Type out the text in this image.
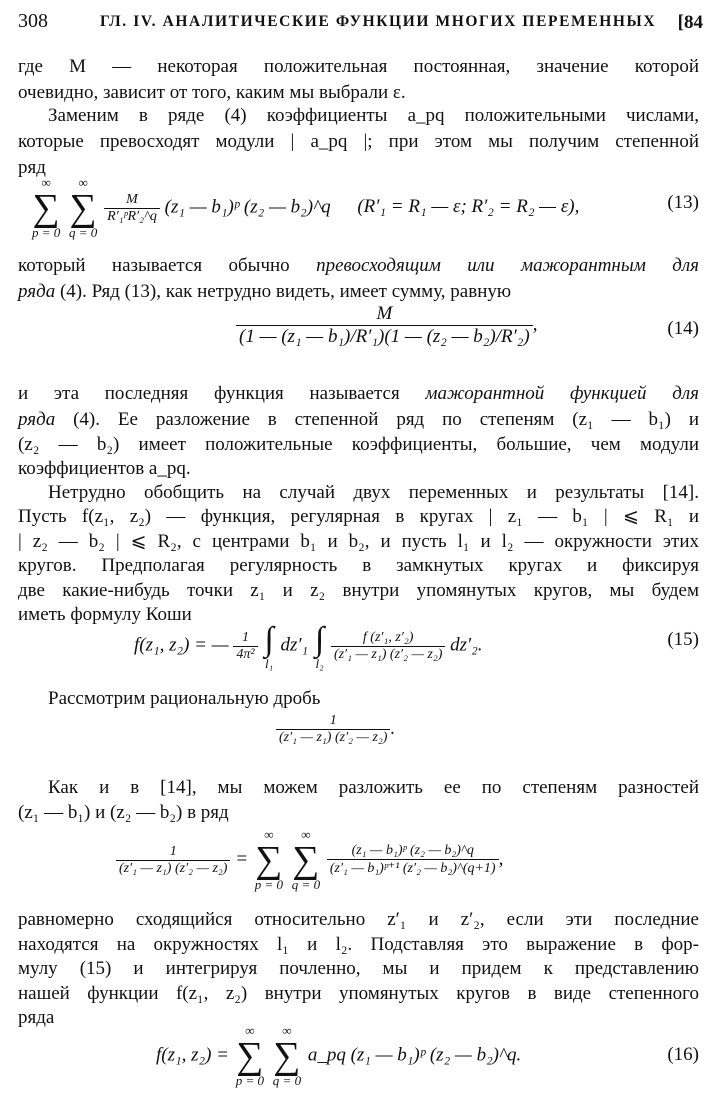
308	ГЛ. IV. АНАЛИТИЧЕСКИЕ ФУНКЦИИ МНОГИХ ПЕРЕМЕННЫХ [84
где M — некоторая положительная постоянная, значение которой
очевидно, зависит от того, каким мы выбрали ε.
Заменим в ряде (4) коэффициенты a_pq положительными числами,
которые превосходят модули | a_pq |; при этом мы получим степенной
ряд
∞
∑
p = 0

∞
∑
q = 0

$\frac{M}{\text{R′₁ᵖR′₂\textasciicircum{}q}} (z_1$ — b₁)ᵖ (z₂ — b₂)^q (R′₁ = R₁ — ε; R′₂ = R₂ — ε),	(13)
который называется обычно превосходящим или мажорантным для
ряда (4). Ряд (13), как нетрудно видеть, имеет сумму, равную
$\frac{M}{\text{(1 — (z₁ — b₁)/R′₁)(1 — (z₂ — b₂)/R′₂)}}$ ,	(14)
и эта последняя функция называется мажорантной функцией для
ряда (4). Ее разложение в степенной ряд по степеням (z₁ — b₁) и
(z₂ — b₂) имеет положительные коэффициенты, большие, чем модули
коэффициентов a_pq.
Нетрудно обобщить на случай двух переменных и результаты [14].
Пусть f(z₁, z₂) — функция, регулярная в кругах | z₁ — b₁ | ⩽ R₁ и
| z₂ — b₂ | ⩽ R₂, с центрами b₁ и b₂, и пусть l₁ и l₂ — окружности этих
кругов. Предполагая регулярность в замкнутых кругах и фиксируя
две какие-нибудь точки z₁ и z₂ внутри упомянутых кругов, мы будем
иметь формулу Коши
f(z₁, z₂) = — $\frac{1}{\text{4π²}}$
∫
l₁
dz′₁ ∫
l₂

$\frac{\text{f (z′₁, z′₂)}}{\text{(z′₁ — z₁) (z′₂ — z₂)}} dz'_2$.	(15)
Рассмотрим рациональную дробь
$\frac{1}{\text{(z′₁ — z₁) (z′₂ — z₂)}}$ .
Как и в [14], мы можем разложить ее по степеням разностей
(z₁ — b₁) и (z₂ — b₂) в ряд
$\frac{1}{\text{(z′₁ — z₁) (z′₂ — z₂)}}$ =
∞
∑
p = 0

∞
∑
q = 0

$\frac{\text{(z₁ — b₁)ᵖ (z₂ — b₂)\textasciicircum{}q}}{\text{(z′₁ — b₁)ᵖ⁺¹ (z′₂ — b₂)\textasciicircum{}(q+1)}}$ ,
равномерно сходящийся относительно z′₁ и z′₂, если эти последние
находятся на окружностях l₁ и l₂. Подставляя это выражение в фор-
мулу (15) и интегрируя почленно, мы и придем к представлению
нашей функции f(z₁, z₂) внутри упомянутых кругов в виде степенного
ряда
f(z₁, z₂) =
∞
∑
p = 0

∞
∑
q = 0
a_pq (z₁ — b₁)ᵖ (z₂ — b₂)^q.	(16)
